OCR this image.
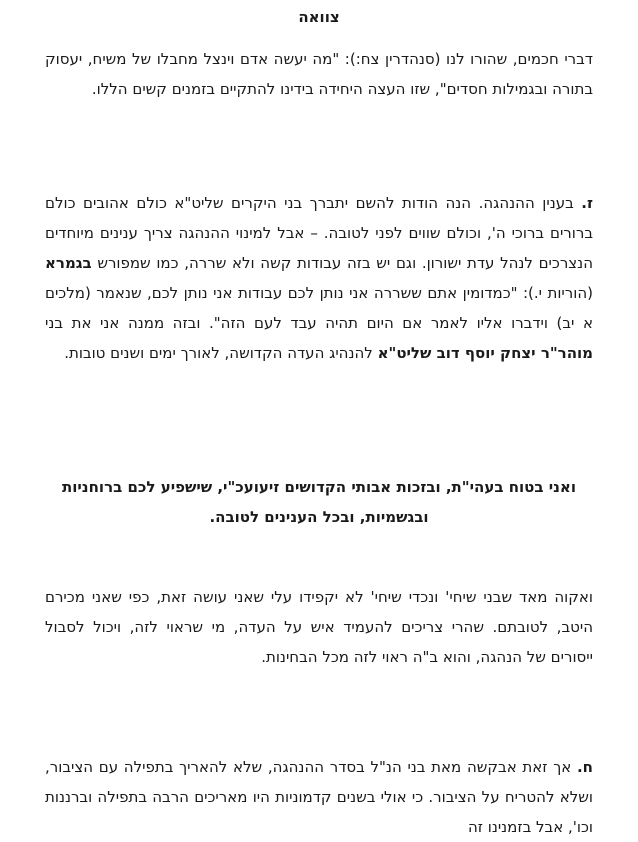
צוואה

דברי חכמים, שהורו לנו (סנהדרין צח:): "מה יעשה אדם וינצל מחבלו של משיח, יעסוק בתורה ובגמילות חסדים", שזו העצה היחידה בידינו להתקיים בזמנים קשים הללו.

ז. בענין ההנהגה. הנה הודות להשם יתברך בני היקרים שליט"א כולם אהובים כולם ברורים ברוכי ה', וכולם שווים לפני לטובה. – אבל למינוי ההנהגה צריך ענינים מיוחדים הנצרכים לנהל עדת ישורון. וגם יש בזה עבודות קשה ולא שררה, כמו שמפורש בגמרא (הוריות י.): "כמדומין אתם ששררה אני נותן לכם עבודות אני נותן לכם, שנאמר (מלכים א יב) וידברו אליו לאמר אם היום תהיה עבד לעם הזה". ובזה ממנה אני את בני מוהר"ר יצחק יוסף דוב שליט"א להנהיג העדה הקדושה, לאורך ימים ושנים טובות.

ואני בטוח בעהי"ת, ובזכות אבותי הקדושים זיעועכ"י, שישפיע לכם ברוחניות ובגשמיות, ובכל הענינים לטובה.

ואקוה מאד שבני שיחי' ונכדי שיחי' לא יקפידו עלי שאני עושה זאת, כפי שאני מכירם היטב, לטובתם. שהרי צריכים להעמיד איש על העדה, מי שראוי לזה, ויכול לסבול ייסורים של הנהגה, והוא ב"ה ראוי לזה מכל הבחינות.

ח. אך זאת אבקשה מאת בני הנ"ל בסדר ההנהגה, שלא להאריך בתפילה עם הציבור, ושלא להטריח על הציבור. כי אולי בשנים קדמוניות היו מאריכים הרבה בתפילה וברננות וכו', אבל בזמנינו זה
